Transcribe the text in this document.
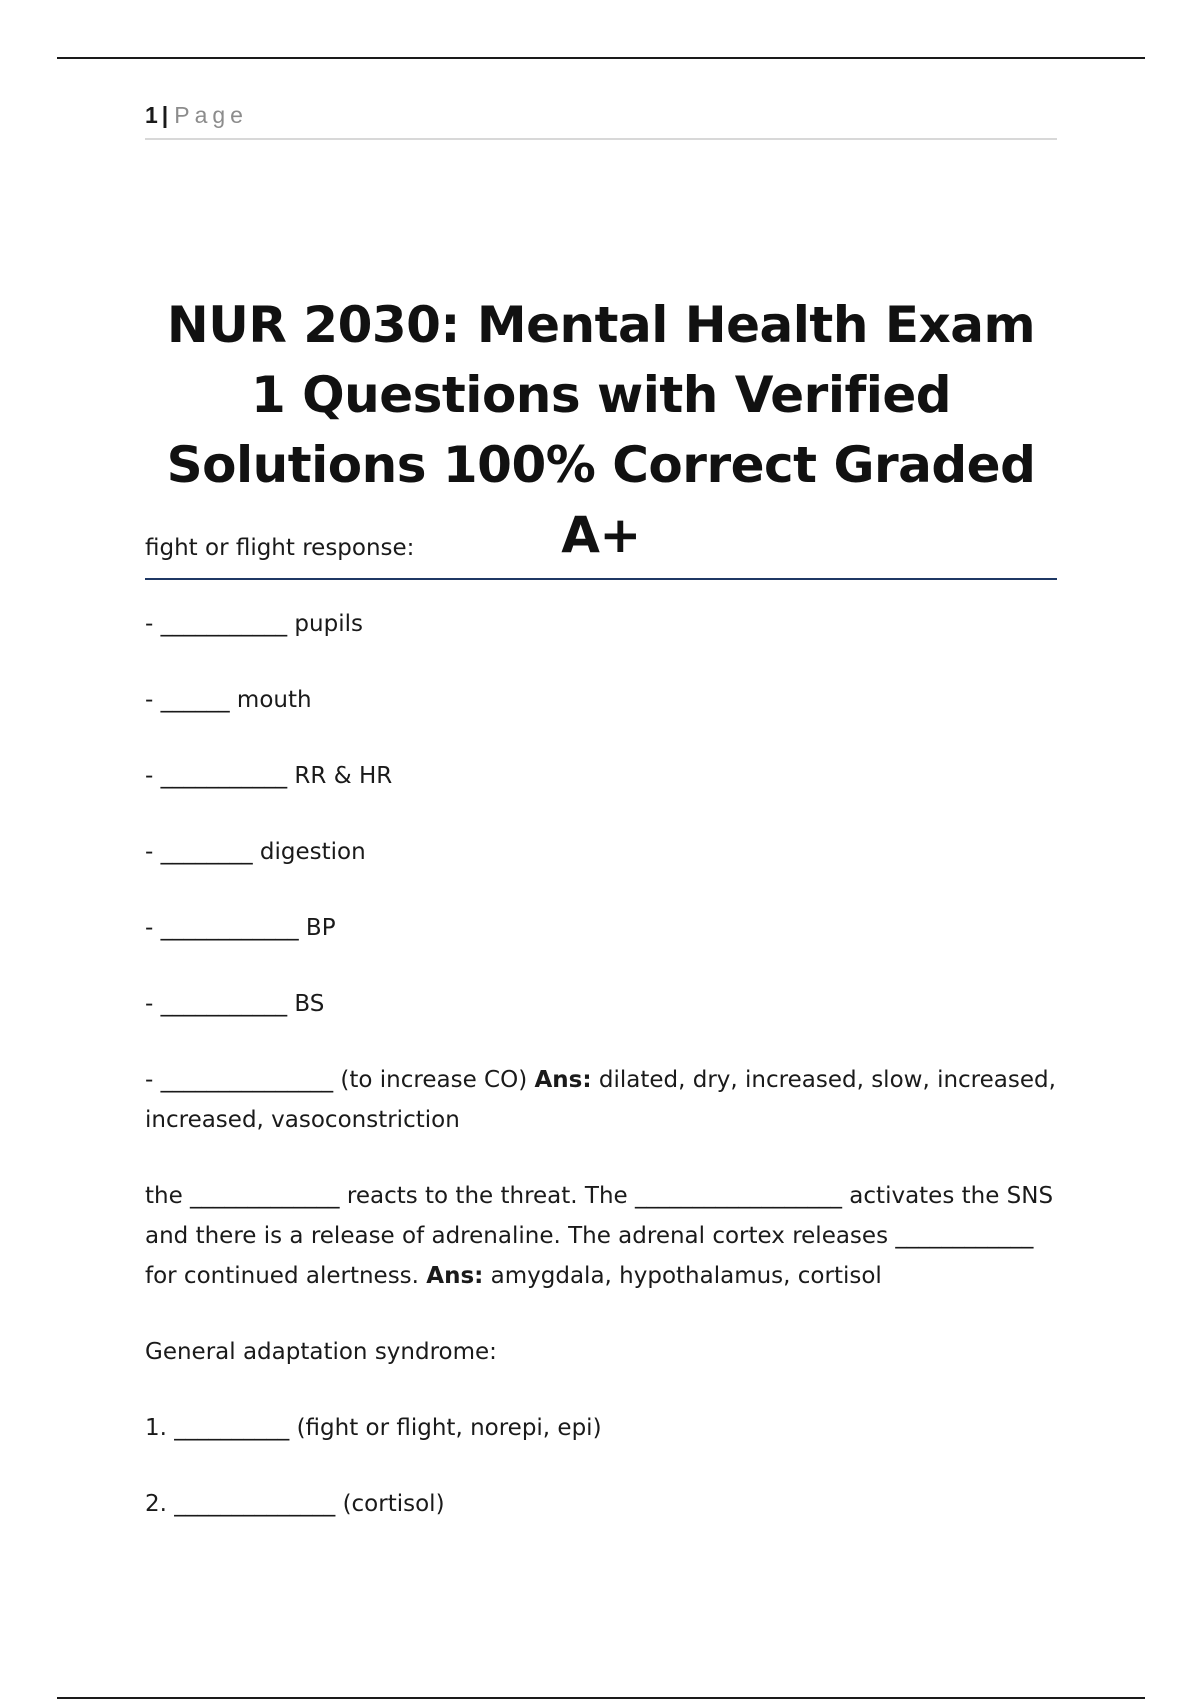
1 | Page
NUR 2030: Mental Health Exam 1 Questions with Verified Solutions 100% Correct Graded A+

fight or flight response:

- ___________ pupils

- ______ mouth

- ___________ RR & HR

- ________ digestion

- ____________ BP

- ___________ BS

- _______________ (to increase CO) Ans: dilated, dry, increased, slow, increased, increased, vasoconstriction

the _____________ reacts to the threat. The __________________ activates the SNS and there is a release of adrenaline. The adrenal cortex releases ____________ for continued alertness. Ans: amygdala, hypothalamus, cortisol

General adaptation syndrome:

1. __________ (fight or flight, norepi, epi)

2. ______________ (cortisol)
